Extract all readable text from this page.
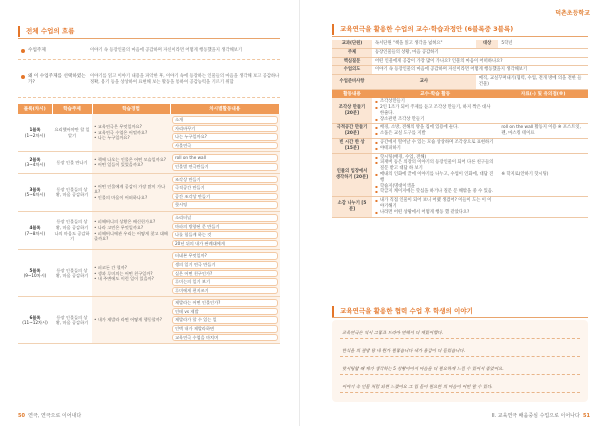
전체 수업의 흐름
수업주제	이야기 속 등장인물의 마음에 공감하며 자신이라면 어떻게 행동했을지 생각해보기
왜 이 수업주제를 선택하였는가?
이야기를 읽고 이야기 내용을 파악한 후, 이야기 속에 등장하는 인물들의 마음을 생각해 보고 공감하나 정확, 용기 등을 상상하여 표현해 보는 활동을 통하여 공감능력을 기르기 위함
블록(차시)	학습주제	학습경험	차시별활동내용

1블록
(1~2차시)	요리했어야만 할 일 알기	• 교육연극은 무엇일까요?
• 교육연극 수업은 어떨까요?
• 나는 누구일까요?	소개
자리바꾸기
나는 누구일까요?
사물연극

2블록
(3~4차시)	동장 인물 만나기	• 책에 나오는 인물은 어떤 모습일까요?
• 어떤 일들이 있었을까요?	roll on the wall
인물별 연극만들기

3블록
(5~6차시)	동장 인물들의 상황, 마음 공감하기	• 어떤 인물에게 공감이 가장 많이 가나요?
• 인물의 마음이 어떠하나요?	조각상 만들기
극적공간 만들기
공간 조각상 만들기
핫시팅

4블록
(7~8차시)	등장 인물들의 상황, 마음 공감하기 나의 마음도 공감하기	• 피해버니의 상황은 배신헌가요?
• 나라 고민은 무엇일까요?
• 피해버니에관 우리는 어떻게 찾고 대해 줄까요?	소리터널
마파의 방향된 문 만들기
나를 힘들게 하는 것
20년 뒤의 내가 판례대에게

5블록
(9~10차시)	등장 인물들의 상황, 마음 공감하기	• 퍼코돈 간 혈까?
• 생과 루미의는 어떤 친구일까?
• 내 주변에도 이런 일이 있을까?	터네븐 무엇일까?
생의 일기 연극 만들기
실은 어떤 친구인가?
루미는의 일기 보기
루미에게 편지쓰기

6블록
(11~12차시)	등장 인물들의 상황, 마음 공감하기	• 내가 제발라 라면 어떻게 행동할까?	제발라는 어떤 인물인가?
인테 vs 제발
제발라가 할 수 있는 일
인덱 내가 제발라하면
교육연극 수업을 마치며
50 연극, 연극으로 이어내다
덕촌초등학교
교육연극을 활용한 수업의 교수·학습과정안 (6블록중 3블록)
교과(단원)	독서단원 "책을 읽고 생각을 넓혀요"	대상	5학년
주제	등장인물들의 상황, 마음 공감하기		
핵심질문	어떤 인물에게 공감이 가장 많이 가나요? 인물의 마음이 어떠하나요?		
수업의도	이야기 속 등장인물의 마음에 공감하며 자신이라면 어떻게 행동했을지 생각해보기		
수업준비사항	교사	메직, 교실꾸며내기(협력, 수업, 전개 방에 의을 전한 들건물)	
활동내용	교수·학습 활동		자료(-) 및 유의점(※)
조각상 만들기 [20분]	▪ 조각상만들기
▪ 2인 1조가 되어 주제를 듣고 조각상 만들기, 하지 짝은 대사 한줄다.
▪ 장소관련 조각상 만들기

극적공간 만들기 [20분]	▪ 배경, 소방, 전해의 방을 집에 있용에 둔다.
▪ 소품은 교실 도구를 지발		roll on the wall 활동지 이용 ※ 포스트잇, 펜, 마스킹 테이프
빈 시간 한 상 [15분]	▪ 공간에서 떨어날 수 있는 모습 상상하며 조각상으로 표현하기
▪ 야테피하기

인물의 입장에서 생각하기 [20분]	▪ 핫시팅(배경, 수업, 전해)
▪ 피재버 등은 의장의 이야기의 등장인물이 되어 다른 친구들의 질문 받고 대답 하 보기
▪ 매내의 인화에 끝에 이야기를 나누고, 수업이 인화에, 대답 진행
▪ 학습지(명대이색을
▪ 학급지 케이지에는 핫십을 하거나 질문 문 해밖을 중 수 있음.		※ 학지로(안하기 핫시팅)
소감 나누기 [5분]	▪ 내가 직접 인물이 되어 보니 어땠 생겼어? 이들이 도는 이 이야기해기
▪ 나라면 어떤 상황에서 어떻게 행동 했 같았다요?

교육연극을 활용한 협력 수업 후 학생의 이야기
교육연극은 역시 그렇죠 드라마 연해서 더 재밌어했다.
한식을 의 결방 당 내 뭔가 필렇습니다 내가 용감이 더 들었습니다.
핫시팅할 때 제가 생각하는 5 상황이어서 마음을 더 필요하게 느낄 수 있어서 좋았어요.
이야기 속 인물 처럼 되면 느꼈어요 그 입 들이 필요한 의 마음이 어떤 알 수 있다.
II. 교육연극 배움중심 수업으로 이어나다 51
